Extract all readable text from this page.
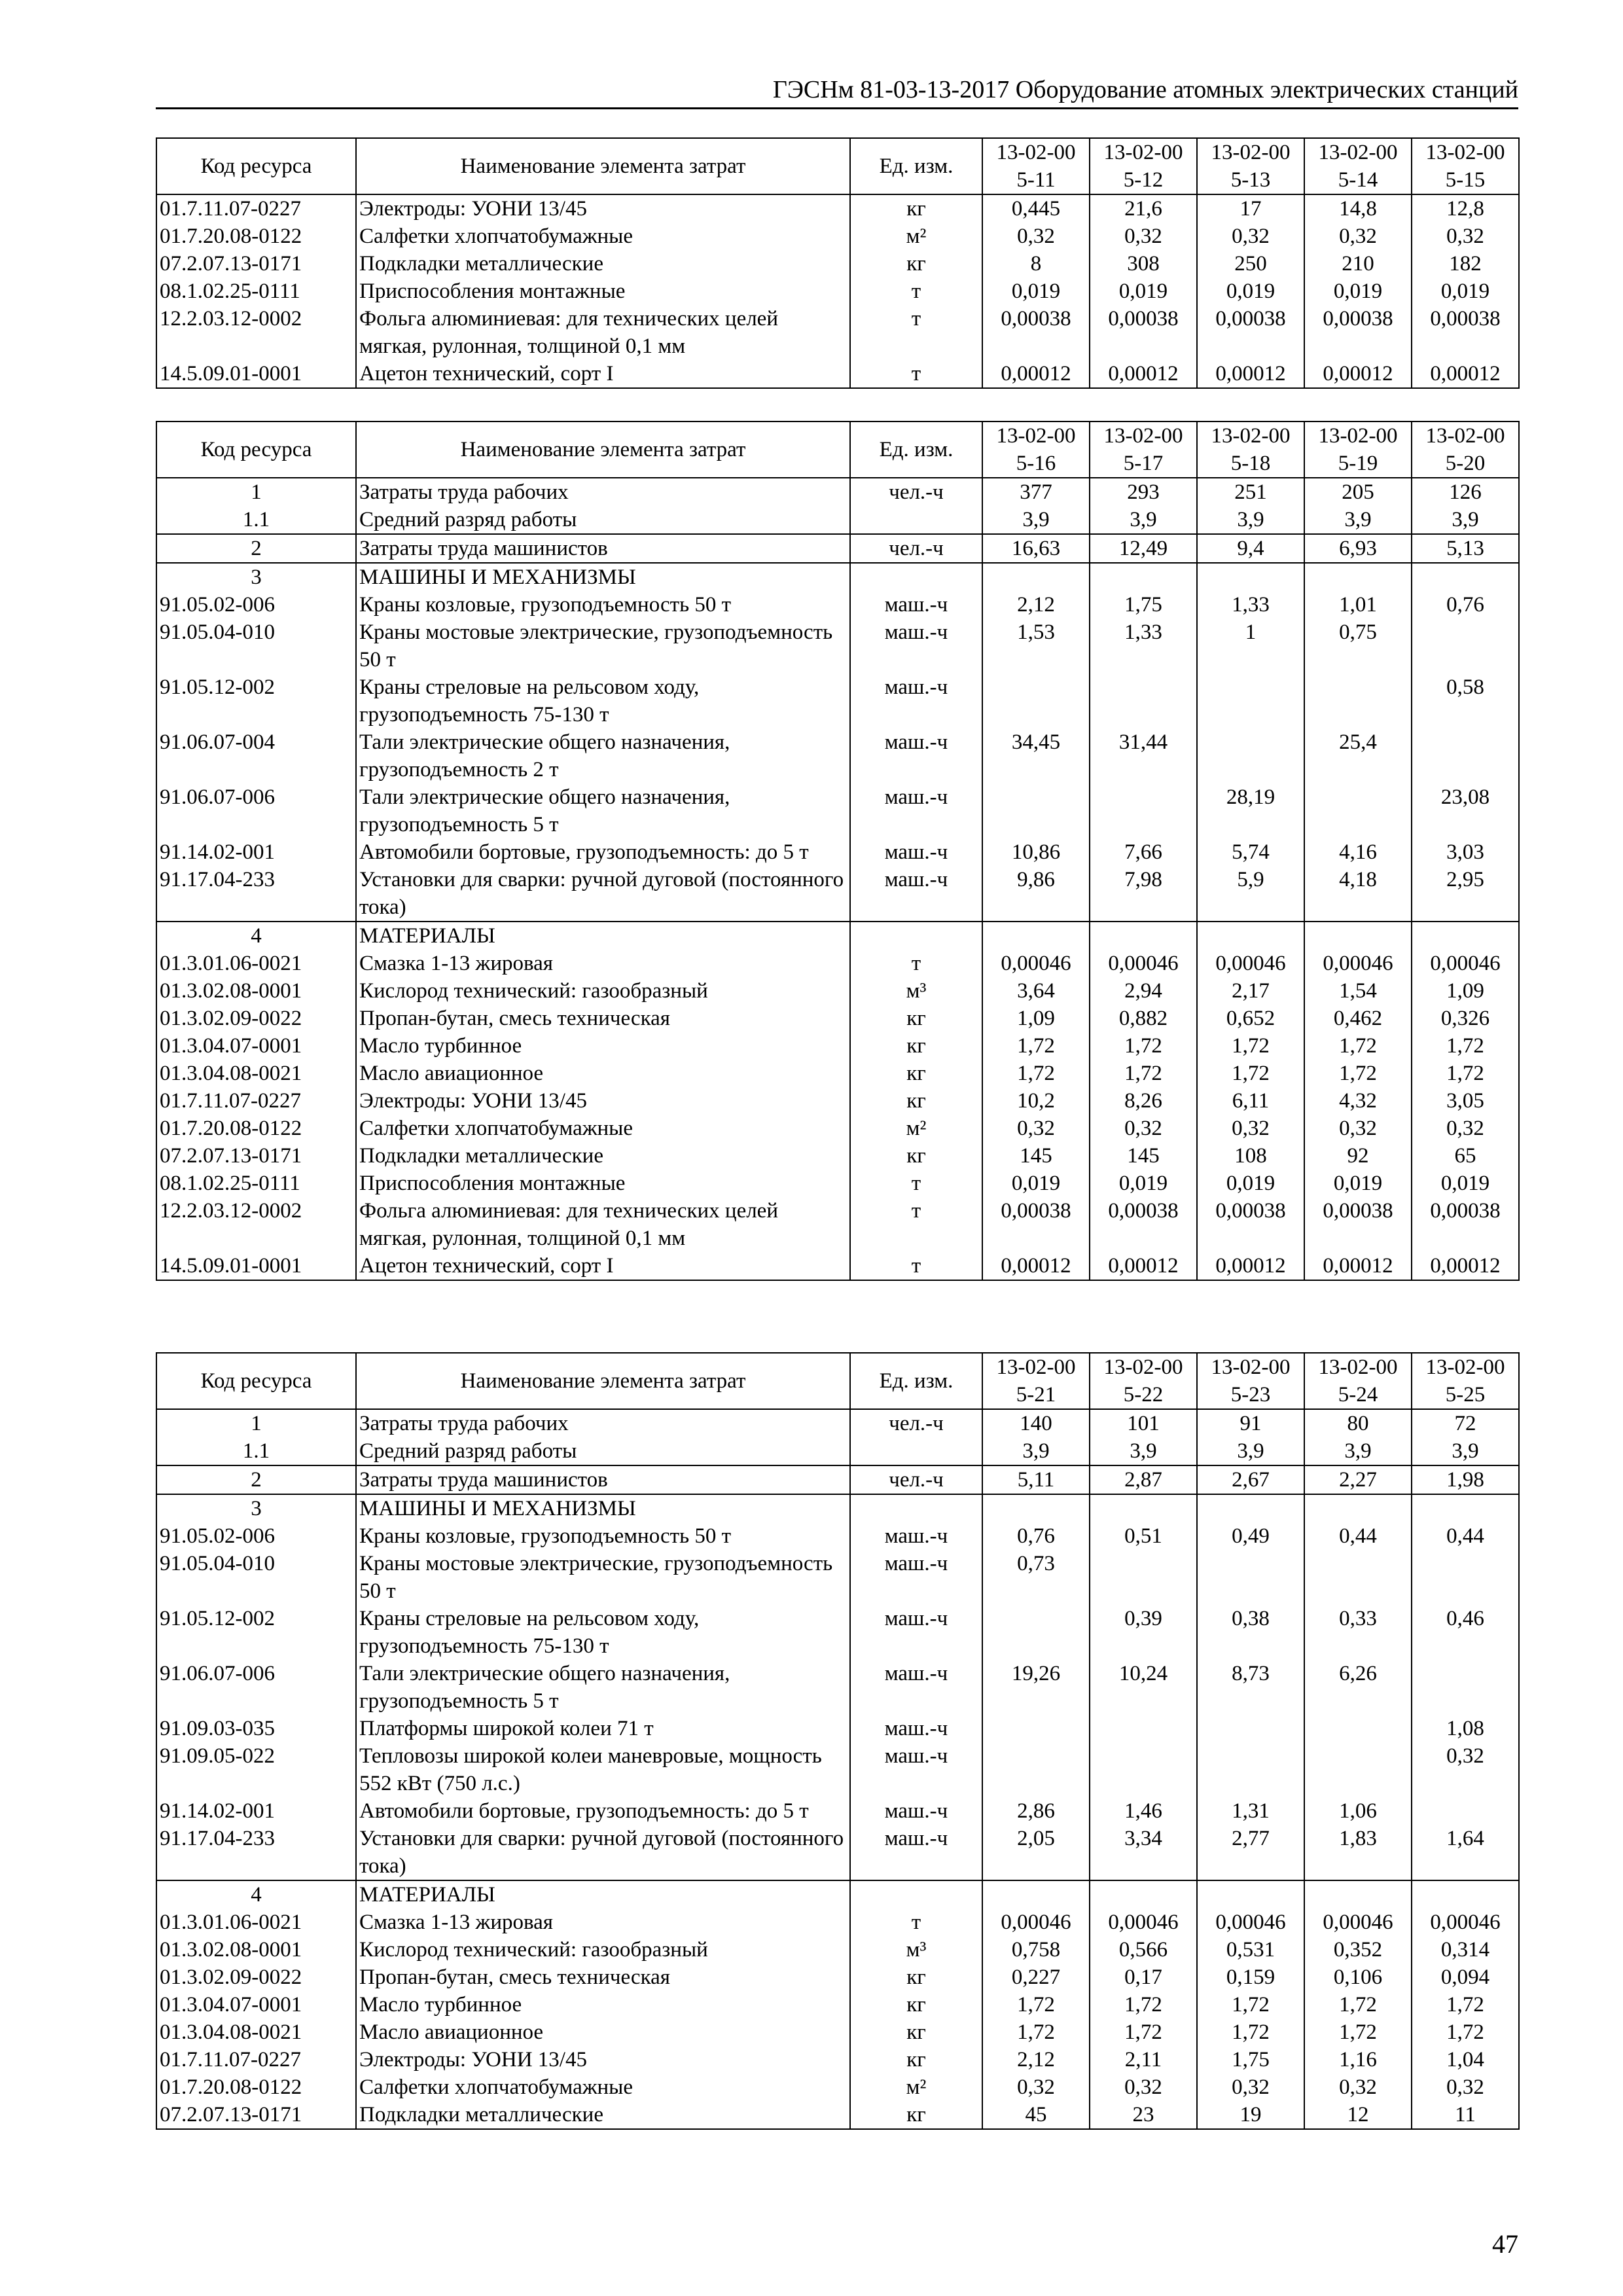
ГЭСНм 81-03-13-2017 Оборудование атомных электрических станций
Код ресурса	Наименование элемента затрат	Ед. изм.	13-02-005-11	13-02-005-12	13-02-005-13	13-02-005-14	13-02-005-15
01.7.11.07-0227	Электроды: УОНИ 13/45	кг	0,445	21,6	17	14,8	12,8
01.7.20.08-0122	Салфетки хлопчатобумажные	м²	0,32	0,32	0,32	0,32	0,32
07.2.07.13-0171	Подкладки металлические	кг	8	308	250	210	182
08.1.02.25-0111	Приспособления монтажные	т	0,019	0,019	0,019	0,019	0,019
12.2.03.12-0002	Фольга алюминиевая: для технических целей мягкая, рулонная, толщиной 0,1 мм	т	0,00038	0,00038	0,00038	0,00038	0,00038
14.5.09.01-0001	Ацетон технический, сорт I	т	0,00012	0,00012	0,00012	0,00012	0,00012
Код ресурса	Наименование элемента затрат	Ед. изм.	13-02-005-16	13-02-005-17	13-02-005-18	13-02-005-19	13-02-005-20
1	Затраты труда рабочих	чел.-ч	377	293	251	205	126
1.1	Средний разряд работы		3,9	3,9	3,9	3,9	3,9
2	Затраты труда машинистов	чел.-ч	16,63	12,49	9,4	6,93	5,13
3	МАШИНЫ И МЕХАНИЗМЫ						
91.05.02-006	Краны козловые, грузоподъемность 50 т	маш.-ч	2,12	1,75	1,33	1,01	0,76
91.05.04-010	Краны мостовые электрические, грузоподъемность 50 т	маш.-ч	1,53	1,33	1	0,75	
91.05.12-002	Краны стреловые на рельсовом ходу, грузоподъемность 75-130 т	маш.-ч					0,58
91.06.07-004	Тали электрические общего назначения, грузоподъемность 2 т	маш.-ч	34,45	31,44		25,4	
91.06.07-006	Тали электрические общего назначения, грузоподъемность 5 т	маш.-ч			28,19		23,08
91.14.02-001	Автомобили бортовые, грузоподъемность: до 5 т	маш.-ч	10,86	7,66	5,74	4,16	3,03
91.17.04-233	Установки для сварки: ручной дуговой (постоянного тока)	маш.-ч	9,86	7,98	5,9	4,18	2,95
4	МАТЕРИАЛЫ						
01.3.01.06-0021	Смазка 1-13 жировая	т	0,00046	0,00046	0,00046	0,00046	0,00046
01.3.02.08-0001	Кислород технический: газообразный	м³	3,64	2,94	2,17	1,54	1,09
01.3.02.09-0022	Пропан-бутан, смесь техническая	кг	1,09	0,882	0,652	0,462	0,326
01.3.04.07-0001	Масло турбинное	кг	1,72	1,72	1,72	1,72	1,72
01.3.04.08-0021	Масло авиационное	кг	1,72	1,72	1,72	1,72	1,72
01.7.11.07-0227	Электроды: УОНИ 13/45	кг	10,2	8,26	6,11	4,32	3,05
01.7.20.08-0122	Салфетки хлопчатобумажные	м²	0,32	0,32	0,32	0,32	0,32
07.2.07.13-0171	Подкладки металлические	кг	145	145	108	92	65
08.1.02.25-0111	Приспособления монтажные	т	0,019	0,019	0,019	0,019	0,019
12.2.03.12-0002	Фольга алюминиевая: для технических целей мягкая, рулонная, толщиной 0,1 мм	т	0,00038	0,00038	0,00038	0,00038	0,00038
14.5.09.01-0001	Ацетон технический, сорт I	т	0,00012	0,00012	0,00012	0,00012	0,00012
Код ресурса	Наименование элемента затрат	Ед. изм.	13-02-005-21	13-02-005-22	13-02-005-23	13-02-005-24	13-02-005-25
1	Затраты труда рабочих	чел.-ч	140	101	91	80	72
1.1	Средний разряд работы		3,9	3,9	3,9	3,9	3,9
2	Затраты труда машинистов	чел.-ч	5,11	2,87	2,67	2,27	1,98
3	МАШИНЫ И МЕХАНИЗМЫ						
91.05.02-006	Краны козловые, грузоподъемность 50 т	маш.-ч	0,76	0,51	0,49	0,44	0,44
91.05.04-010	Краны мостовые электрические, грузоподъемность 50 т	маш.-ч	0,73				
91.05.12-002	Краны стреловые на рельсовом ходу, грузоподъемность 75-130 т	маш.-ч		0,39	0,38	0,33	0,46
91.06.07-006	Тали электрические общего назначения, грузоподъемность 5 т	маш.-ч	19,26	10,24	8,73	6,26	
91.09.03-035	Платформы широкой колеи 71 т	маш.-ч					1,08
91.09.05-022	Тепловозы широкой колеи маневровые, мощность 552 кВт (750 л.с.)	маш.-ч					0,32
91.14.02-001	Автомобили бортовые, грузоподъемность: до 5 т	маш.-ч	2,86	1,46	1,31	1,06	
91.17.04-233	Установки для сварки: ручной дуговой (постоянного тока)	маш.-ч	2,05	3,34	2,77	1,83	1,64
4	МАТЕРИАЛЫ						
01.3.01.06-0021	Смазка 1-13 жировая	т	0,00046	0,00046	0,00046	0,00046	0,00046
01.3.02.08-0001	Кислород технический: газообразный	м³	0,758	0,566	0,531	0,352	0,314
01.3.02.09-0022	Пропан-бутан, смесь техническая	кг	0,227	0,17	0,159	0,106	0,094
01.3.04.07-0001	Масло турбинное	кг	1,72	1,72	1,72	1,72	1,72
01.3.04.08-0021	Масло авиационное	кг	1,72	1,72	1,72	1,72	1,72
01.7.11.07-0227	Электроды: УОНИ 13/45	кг	2,12	2,11	1,75	1,16	1,04
01.7.20.08-0122	Салфетки хлопчатобумажные	м²	0,32	0,32	0,32	0,32	0,32
07.2.07.13-0171	Подкладки металлические	кг	45	23	19	12	11
47
